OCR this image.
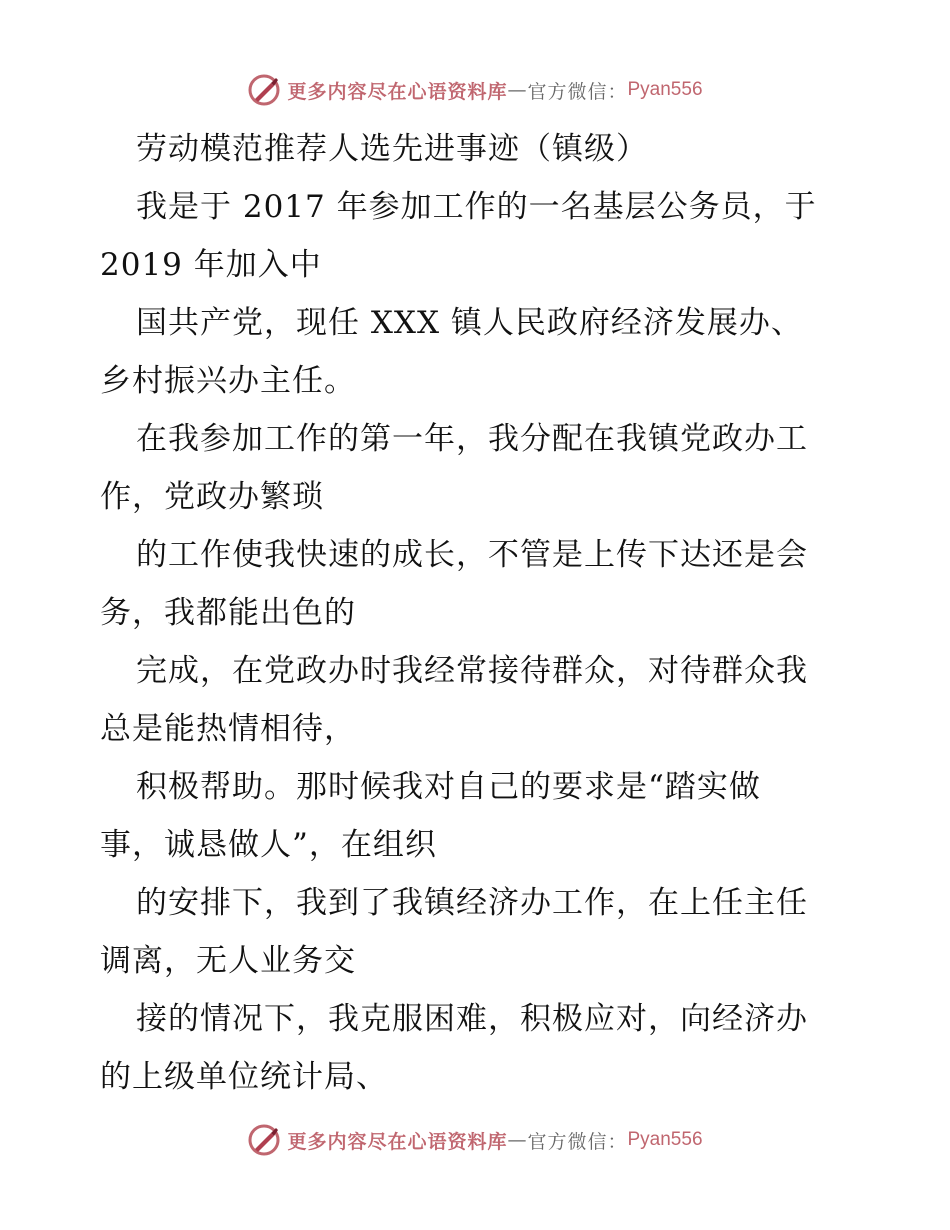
更多内容尽在心语资料库 — 官方微信： Pyan556
劳动模范推荐人选先进事迹（镇级）
我是于 2017 年参加工作的一名基层公务员，于
2019 年加入中
国共产党，现任 XXX 镇人民政府经济发展办、
乡村振兴办主任。
在我参加工作的第一年，我分配在我镇党政办工
作，党政办繁琐
的工作使我快速的成长，不管是上传下达还是会
务，我都能出色的
完成，在党政办时我经常接待群众，对待群众我
总是能热情相待，
积极帮助。那时候我对自己的要求是“踏实做
事，诚恳做人”，在组织
的安排下，我到了我镇经济办工作，在上任主任
调离，无人业务交
接的情况下，我克服困难，积极应对，向经济办
的上级单位统计局、
更多内容尽在心语资料库 — 官方微信： Pyan556
